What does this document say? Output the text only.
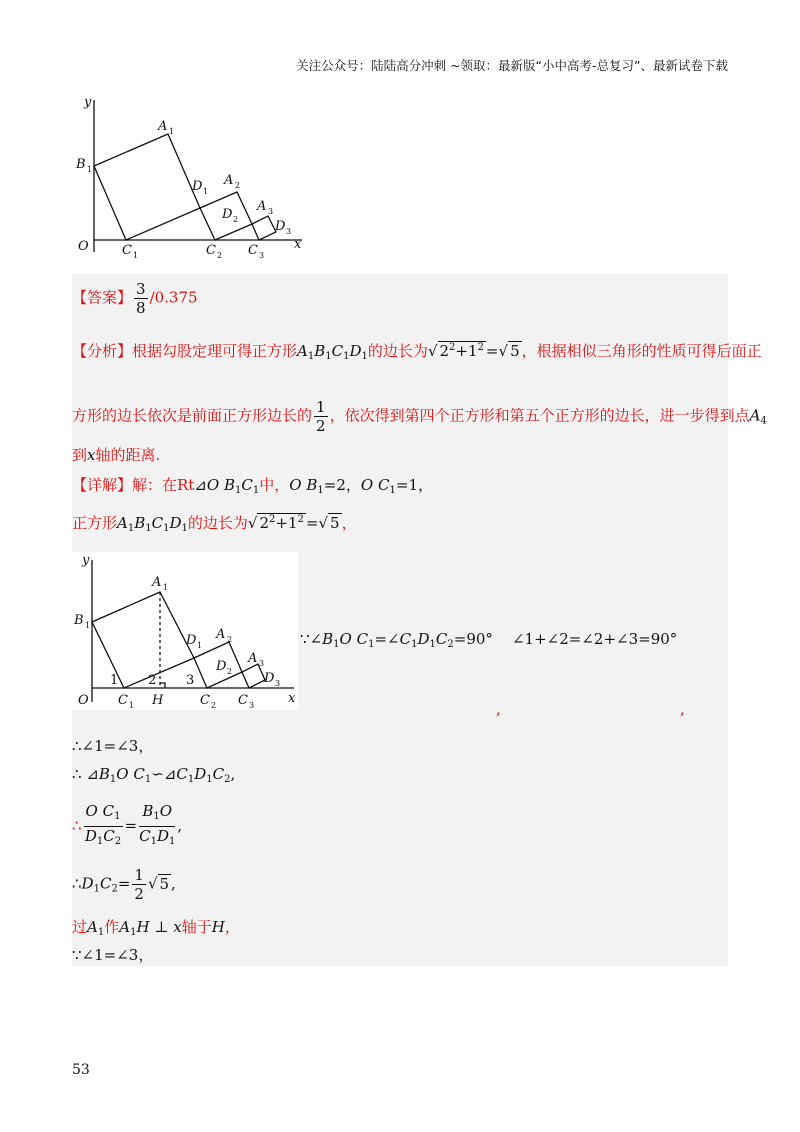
关注公众号：陆陆高分冲刺 ~领取：最新版“小中高考-总复习”、最新试卷下载
y
x
O
B 1
A 1
D 1
A 2
D 2
A 3
D 3
C 1	C 2 C 3
【答案】 $\frac{3}{8} /0.375$
【分析】根据勾股定理可得正方形$A_1B_1C_1D_1$的边长为√ $2^2+1^2$ =√ 5 ，根据相似三角形的性质可得后面正
方形的边长依次是前面正方形边长的 $\frac{1}{2}$ ，依次得到第四个正方形和第五个正方形的边长，进一步得到点$A_4$
到x轴的距离.
【详解】解：在Rt⊿O $B_1C_1$中，O $B_1=2$，O $C_1=1$，
正方形$A_1B_1C_1D_1$的边长为√ $2^2+1^2$ =√ 5 ，
y
x
O
B 1
A 1
D 1
A 2
D 2
A 3
D 3
C 1 H	C 2 C 3
1 2 3
$\because\angle B_1O$ $C_1=\angle C_1D_1C_2=90^\circ$ ∠1+∠2=∠2+∠3=90°
,	,
∴∠1=∠3，
∴ $⊿B_1O$ $C_1∽⊿C_1D_1C_2$,
∴ $\frac{O C_1}{D_1C_2} = \frac{B_1O}{C_1D_1}$ ,
$\therefore D_1C_2= \frac{1}{2}$ √ 5 ,
过$A_1$作$A_1H$ ⊥ x轴于H，
∵∠1=∠3，
53
